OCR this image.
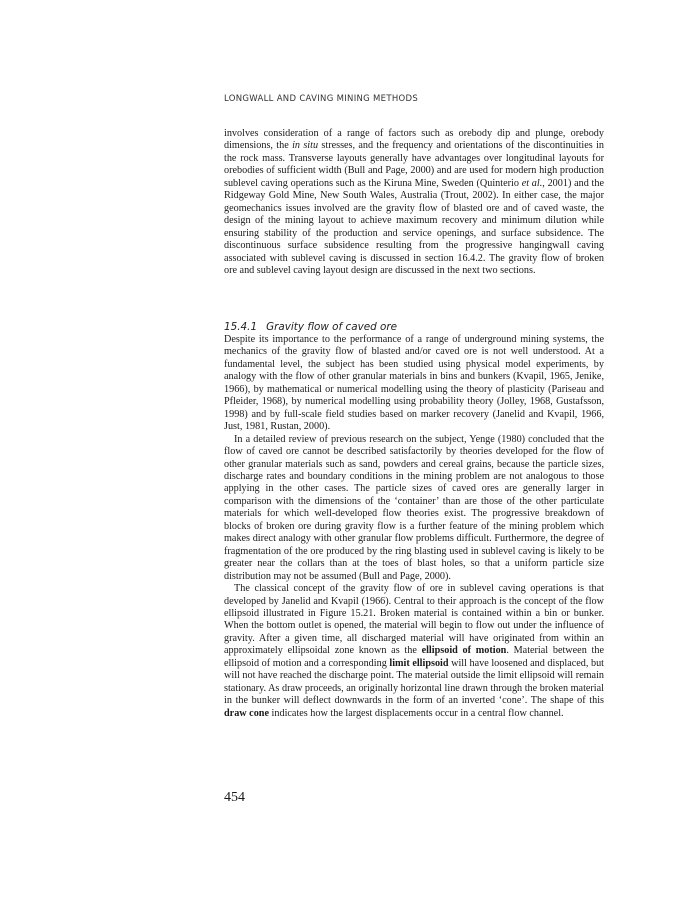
LONGWALL AND CAVING MINING METHODS

involves consideration of a range of factors such as orebody dip and plunge, orebody dimensions, the in situ stresses, and the frequency and orientations of the discontinuities in the rock mass. Transverse layouts generally have advantages over longitudinal layouts for orebodies of sufficient width (Bull and Page, 2000) and are used for modern high production sublevel caving operations such as the Kiruna Mine, Sweden (Quinterio et al., 2001) and the Ridgeway Gold Mine, New South Wales, Australia (Trout, 2002). In either case, the major geomechanics issues involved are the gravity flow of blasted ore and of caved waste, the design of the mining layout to achieve maximum recovery and minimum dilution while ensuring stability of the production and service openings, and surface subsidence. The discontinuous surface subsidence resulting from the progressive hangingwall caving associated with sublevel caving is discussed in section 16.4.2. The gravity flow of broken ore and sublevel caving layout design are discussed in the next two sections.

15.4.1 Gravity flow of caved ore

Despite its importance to the performance of a range of underground mining systems, the mechanics of the gravity flow of blasted and/or caved ore is not well understood. At a fundamental level, the subject has been studied using physical model experiments, by analogy with the flow of other granular materials in bins and bunkers (Kvapil, 1965, Jenike, 1966), by mathematical or numerical modelling using the theory of plasticity (Pariseau and Pfleider, 1968), by numerical modelling using probability theory (Jolley, 1968, Gustafsson, 1998) and by full-scale field studies based on marker recovery (Janelid and Kvapil, 1966, Just, 1981, Rustan, 2000).

In a detailed review of previous research on the subject, Yenge (1980) concluded that the flow of caved ore cannot be described satisfactorily by theories developed for the flow of other granular materials such as sand, powders and cereal grains, because the particle sizes, discharge rates and boundary conditions in the mining problem are not analogous to those applying in the other cases. The particle sizes of caved ores are generally larger in comparison with the dimensions of the ‘container’ than are those of the other particulate materials for which well-developed flow theories exist. The progressive breakdown of blocks of broken ore during gravity flow is a further feature of the mining problem which makes direct analogy with other granular flow problems difficult. Furthermore, the degree of fragmentation of the ore produced by the ring blasting used in sublevel caving is likely to be greater near the collars than at the toes of blast holes, so that a uniform particle size distribution may not be assumed (Bull and Page, 2000).

The classical concept of the gravity flow of ore in sublevel caving operations is that developed by Janelid and Kvapil (1966). Central to their approach is the concept of the flow ellipsoid illustrated in Figure 15.21. Broken material is contained within a bin or bunker. When the bottom outlet is opened, the material will begin to flow out under the influence of gravity. After a given time, all discharged material will have originated from within an approximately ellipsoidal zone known as the ellipsoid of motion. Material between the ellipsoid of motion and a corresponding limit ellipsoid will have loosened and displaced, but will not have reached the discharge point. The material outside the limit ellipsoid will remain stationary. As draw proceeds, an originally horizontal line drawn through the broken material in the bunker will deflect downwards in the form of an inverted ‘cone’. The shape of this draw cone indicates how the largest displacements occur in a central flow channel.

454
